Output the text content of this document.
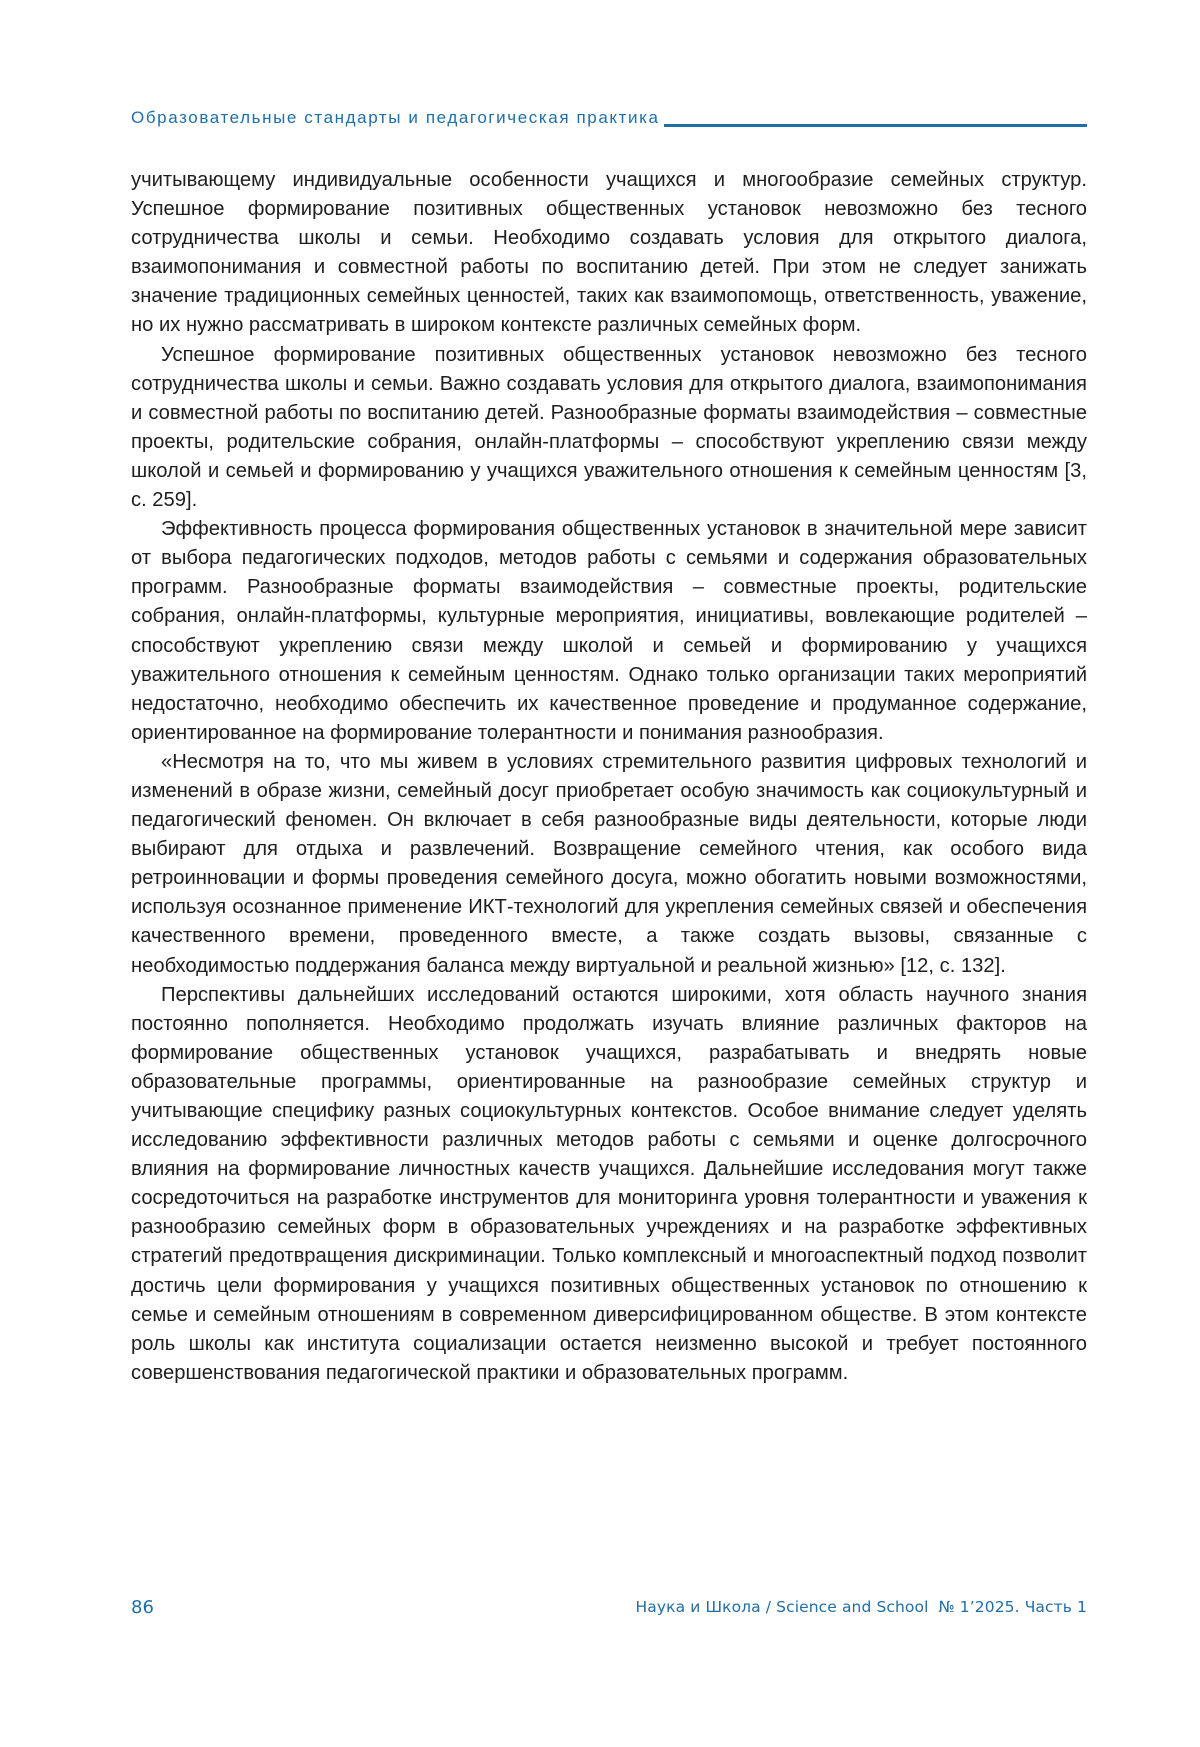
Образовательные стандарты и педагогическая практика

учитывающему индивидуальные особенности учащихся и многообразие семейных структур. Успешное формирование позитивных общественных установок невозможно без тесного сотрудничества школы и семьи. Необходимо создавать условия для открытого диалога, взаимопонимания и совместной работы по воспитанию детей. При этом не следует занижать значение традиционных семейных ценностей, таких как взаимопомощь, ответственность, уважение, но их нужно рассматривать в широком контексте различных семейных форм.

Успешное формирование позитивных общественных установок невозможно без тесного сотрудничества школы и семьи. Важно создавать условия для открытого диалога, взаимопонимания и совместной работы по воспитанию детей. Разнообразные форматы взаимодействия – совместные проекты, родительские собрания, онлайн-платформы – способствуют укреплению связи между школой и семьей и формированию у учащихся уважительного отношения к семейным ценностям [3, с. 259].

Эффективность процесса формирования общественных установок в значительной мере зависит от выбора педагогических подходов, методов работы с семьями и содержания образовательных программ. Разнообразные форматы взаимодействия – совместные проекты, родительские собрания, онлайн-платформы, культурные мероприятия, инициативы, вовлекающие родителей – способствуют укреплению связи между школой и семьей и формированию у учащихся уважительного отношения к семейным ценностям. Однако только организации таких мероприятий недостаточно, необходимо обеспечить их качественное проведение и продуманное содержание, ориентированное на формирование толерантности и понимания разнообразия.

«Несмотря на то, что мы живем в условиях стремительного развития цифровых технологий и изменений в образе жизни, семейный досуг приобретает особую значимость как социокультурный и педагогический феномен. Он включает в себя разнообразные виды деятельности, которые люди выбирают для отдыха и развлечений. Возвращение семейного чтения, как особого вида ретроинновации и формы проведения семейного досуга, можно обогатить новыми возможностями, используя осознанное применение ИКТ-технологий для укрепления семейных связей и обеспечения качественного времени, проведенного вместе, а также создать вызовы, связанные с необходимостью поддержания баланса между виртуальной и реальной жизнью» [12, с. 132].

Перспективы дальнейших исследований остаются широкими, хотя область научного знания постоянно пополняется. Необходимо продолжать изучать влияние различных факторов на формирование общественных установок учащихся, разрабатывать и внедрять новые образовательные программы, ориентированные на разнообразие семейных структур и учитывающие специфику разных социокультурных контекстов. Особое внимание следует уделять исследованию эффективности различных методов работы с семьями и оценке долгосрочного влияния на формирование личностных качеств учащихся. Дальнейшие исследования могут также сосредоточиться на разработке инструментов для мониторинга уровня толерантности и уважения к разнообразию семейных форм в образовательных учреждениях и на разработке эффективных стратегий предотвращения дискриминации. Только комплексный и многоаспектный подход позволит достичь цели формирования у учащихся позитивных общественных установок по отношению к семье и семейным отношениям в современном диверсифицированном обществе. В этом контексте роль школы как института социализации остается неизменно высокой и требует постоянного совершенствования педагогической практики и образовательных программ.

86	Наука и Школа / Science and School  № 1’2025. Часть 1
